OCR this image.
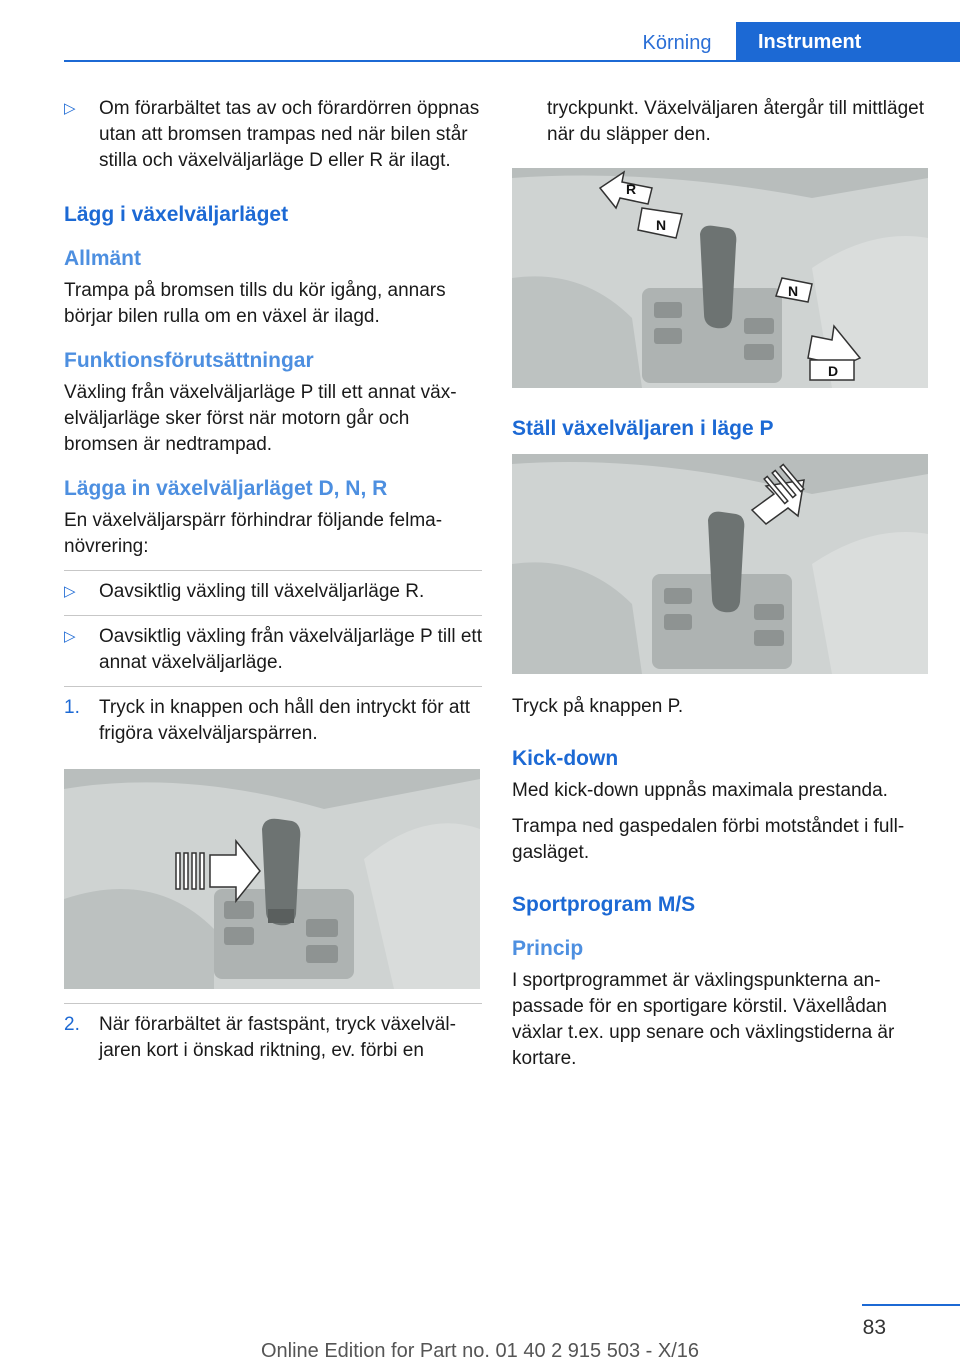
Körning	Instrument
▷	Om förarbältet tas av och förardörren öppnas utan att bromsen trampas ned när bilen står stilla och växelväljarläge D eller R är ilagt.
Lägg i växelväljarläget
Allmänt

Trampa på bromsen tills du kör igång, annars börjar bilen rulla om en växel är ilagd.

Funktionsförutsättningar

Växling från växelväljarläge P till ett annat växelväljarläge sker först när motorn går och bromsen är nedtrampad.

Lägga in växelväljarläget D, N, R

En växelväljarspärr förhindrar följande felmanövrering:

▷	Oavsiktlig växling till växelväljarläge R.
▷	Oavsiktlig växling från växelväljarläge P till ett annat växelväljarläge.
1.	Tryck in knappen och håll den intryckt för att frigöra växelväljarspärren.
2.	När förarbältet är fastspänt, tryck växelväljaren kort i önskad riktning, ev. förbi en

tryckpunkt. Växelväljaren återgår till mittläget när du släpper den.

R
N
N
D
Ställ växelväljaren i läge P

Tryck på knappen P.

Kick-down

Med kick-down uppnås maximala prestanda.

Trampa ned gaspedalen förbi motståndet i fullgasläget.

Sportprogram M/S
Princip

I sportprogrammet är växlingspunkterna anpassade för en sportigare körstil. Växellådan växlar t.ex. upp senare och växlingstiderna är kortare.

83
Online Edition for Part no. 01 40 2 915 503 - X/16
